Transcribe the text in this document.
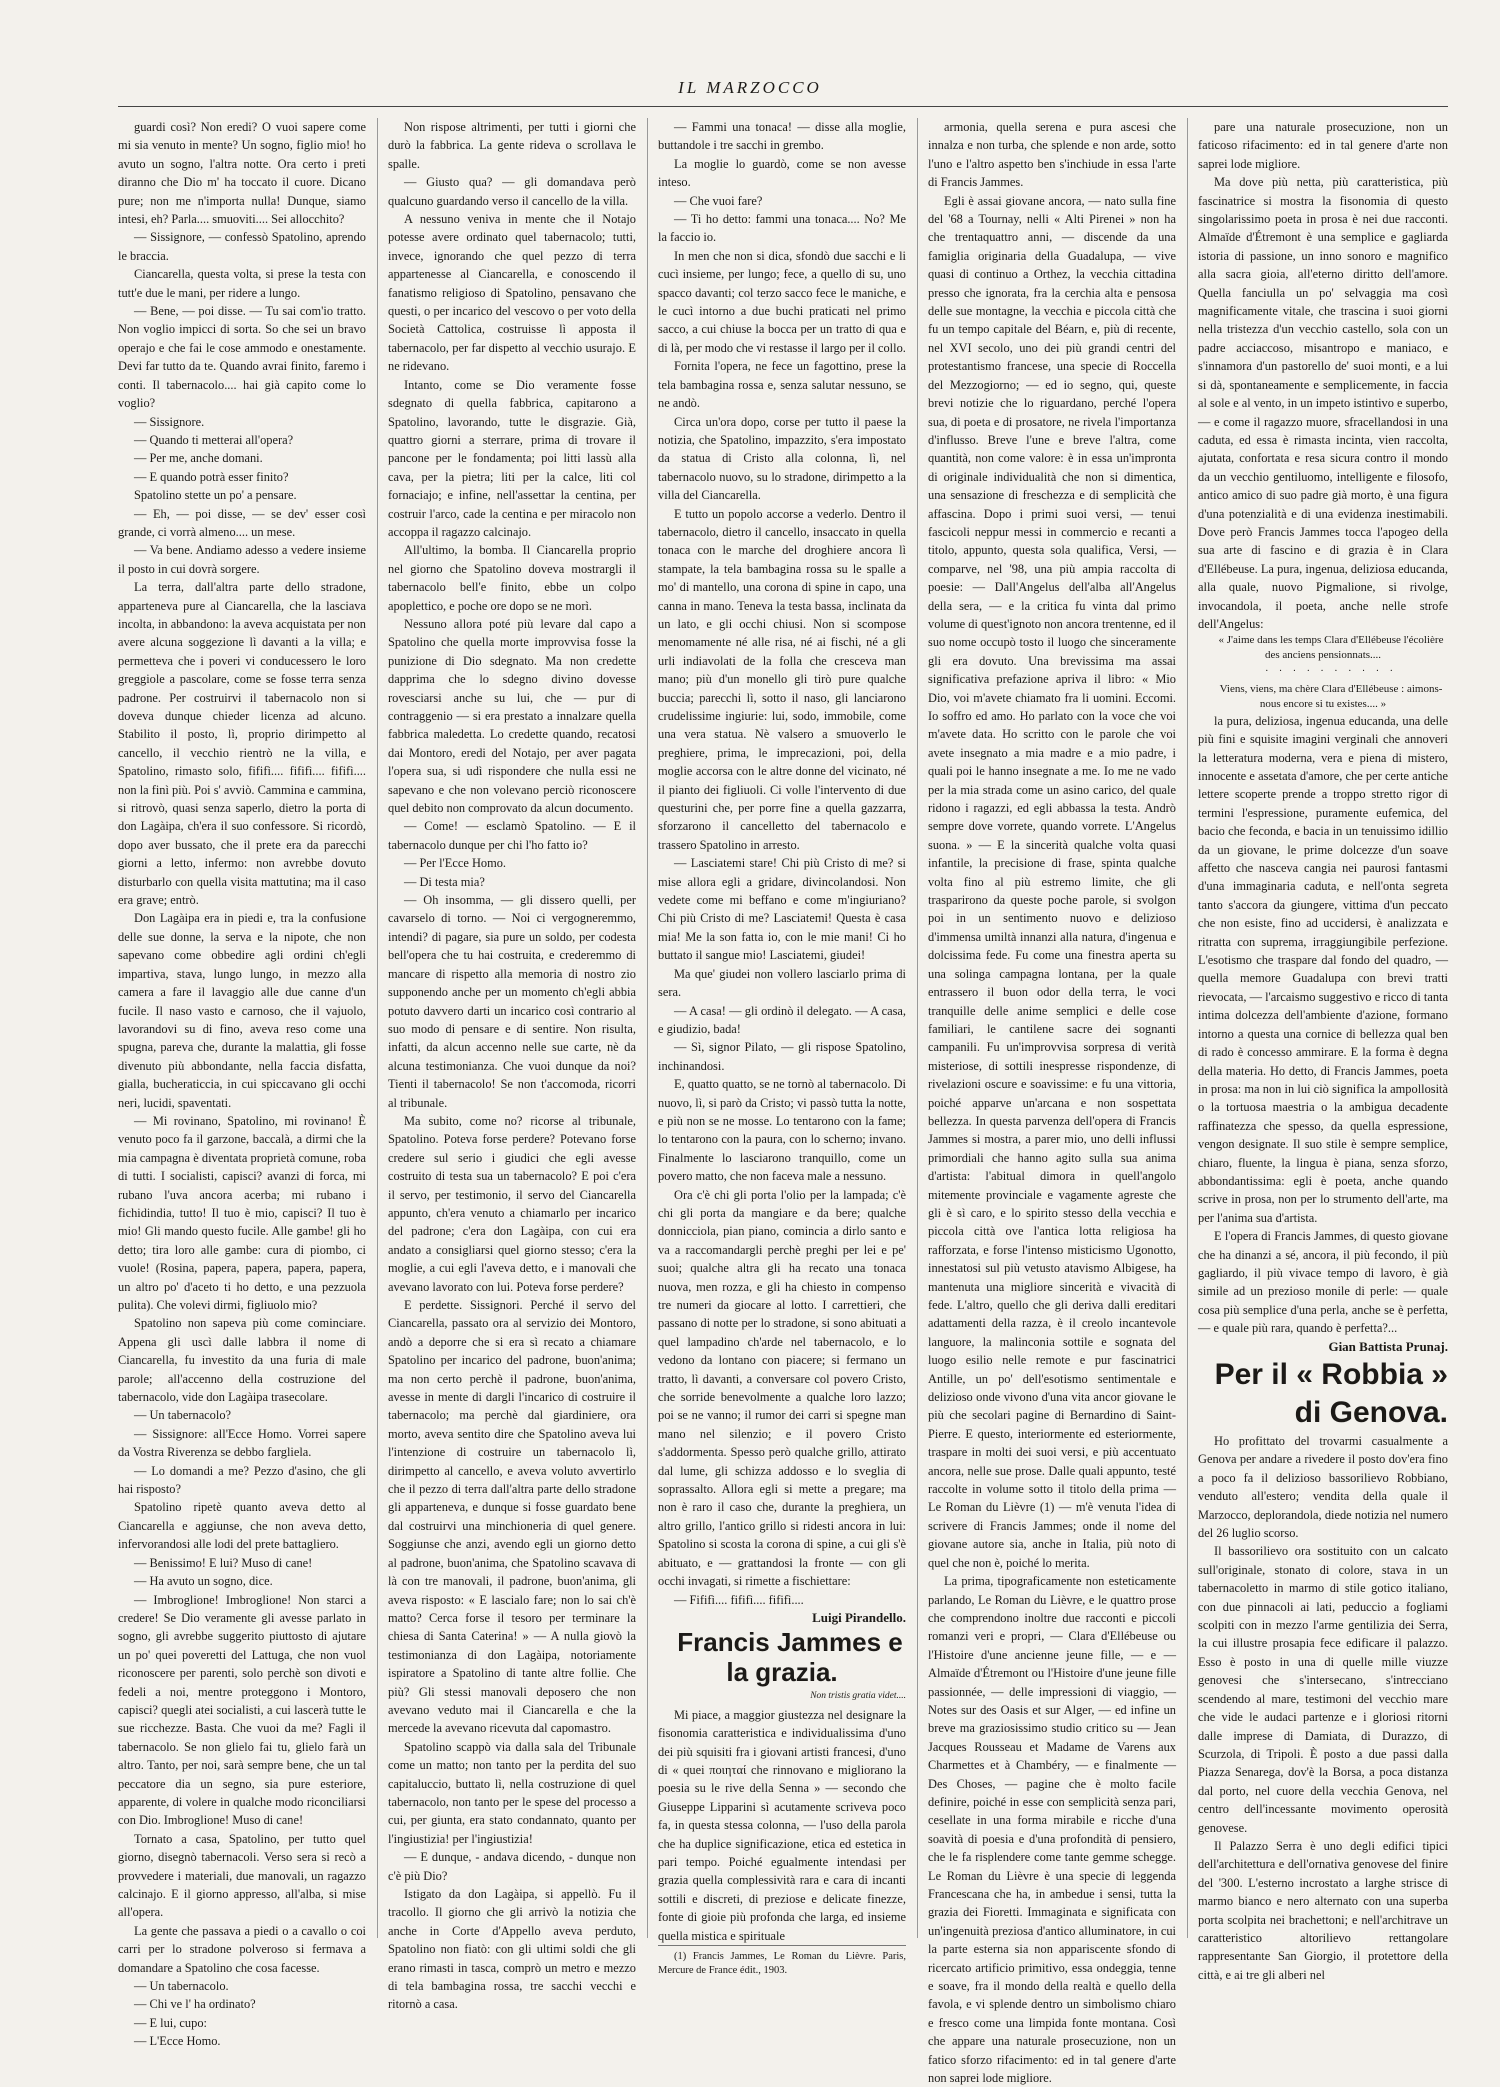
IL MARZOCCO

guardi così? Non eredi? O vuoi sapere come mi sia venuto in mente? Un sogno, figlio mio! ho avuto un sogno, l'altra notte. Ora certo i preti diranno che Dio m' ha toccato il cuore. Dicano pure; non me n'importa nulla! Dunque, siamo intesi, eh? Parla.... smuoviti.... Sei allocchito?

— Sissignore, — confessò Spatolino, aprendo le braccia.

Ciancarella, questa volta, si prese la testa con tutt'e due le mani, per ridere a lungo.

— Bene, — poi disse. — Tu sai com'io tratto. Non voglio impicci di sorta. So che sei un bravo operajo e che fai le cose ammodo e onestamente. Devi far tutto da te. Quando avrai finito, faremo i conti. Il tabernacolo.... hai già capito come lo voglio?

— Sissignore.

— Quando ti metterai all'opera?

— Per me, anche domani.

— E quando potrà esser finito?

Spatolino stette un po' a pensare.

— Eh, — poi disse, — se dev' esser così grande, ci vorrà almeno.... un mese.

— Va bene. Andiamo adesso a vedere insieme il posto in cui dovrà sorgere.

La terra, dall'altra parte dello stradone, apparteneva pure al Ciancarella, che la lasciava incolta, in abbandono: la aveva acquistata per non avere alcuna soggezione lì davanti a la villa; e permetteva che i poveri vi conducessero le loro greggiole a pascolare, come se fosse terra senza padrone. Per costruirvi il tabernacolo non si doveva dunque chieder licenza ad alcuno. Stabilito il posto, lì, proprio dirimpetto al cancello, il vecchio rientrò ne la villa, e Spatolino, rimasto solo, fififì.... fififì.... fififì.... non la finì più. Poi s' avviò. Cammina e cammina, si ritrovò, quasi senza saperlo, dietro la porta di don Lagàipa, ch'era il suo confessore. Si ricordò, dopo aver bussato, che il prete era da parecchi giorni a letto, infermo: non avrebbe dovuto disturbarlo con quella visita mattutina; ma il caso era grave; entrò.

Don Lagàipa era in piedi e, tra la confusione delle sue donne, la serva e la nipote, che non sapevano come obbedire agli ordini ch'egli impartiva, stava, lungo lungo, in mezzo alla camera a fare il lavaggio alle due canne d'un fucile. Il naso vasto e carnoso, che il vajuolo, lavorandovi su di fino, aveva reso come una spugna, pareva che, durante la malattia, gli fosse divenuto più abbondante, nella faccia disfatta, gialla, bucheraticcia, in cui spiccavano gli occhi neri, lucidi, spaventati.

— Mi rovinano, Spatolino, mi rovinano! È venuto poco fa il garzone, baccalà, a dirmi che la mia campagna è diventata proprietà comune, roba di tutti. I socialisti, capisci? avanzi di forca, mi rubano l'uva ancora acerba; mi rubano i fichidindia, tutto! Il tuo è mio, capisci? Il tuo è mio! Gli mando questo fucile. Alle gambe! gli ho detto; tira loro alle gambe: cura di piombo, ci vuole! (Rosina, papera, papera, papera, papera, un altro po' d'aceto ti ho detto, e una pezzuola pulita). Che volevi dirmi, figliuolo mio?

Spatolino non sapeva più come cominciare. Appena gli uscì dalle labbra il nome di Ciancarella, fu investito da una furia di male parole; all'accenno della costruzione del tabernacolo, vide don Lagàipa trasecolare.

— Un tabernacolo?

— Sissignore: all'Ecce Homo. Vorrei sapere da Vostra Riverenza se debbo fargliela.

— Lo domandi a me? Pezzo d'asino, che gli hai risposto?

Spatolino ripetè quanto aveva detto al Ciancarella e aggiunse, che non aveva detto, infervorandosi alle lodi del prete battagliero.

— Benissimo! E lui? Muso di cane!

— Ha avuto un sogno, dice.

— Imbroglione! Imbroglione! Non starci a credere! Se Dio veramente gli avesse parlato in sogno, gli avrebbe suggerito piuttosto di ajutare un po' quei poveretti del Lattuga, che non vuol riconoscere per parenti, solo perchè son divoti e fedeli a noi, mentre proteggono i Montoro, capisci? quegli atei socialisti, a cui lascerà tutte le sue ricchezze. Basta. Che vuoi da me? Fagli il tabernacolo. Se non glielo fai tu, glielo farà un altro. Tanto, per noi, sarà sempre bene, che un tal peccatore dia un segno, sia pure esteriore, apparente, di volere in qualche modo riconciliarsi con Dio. Imbroglione! Muso di cane!

Tornato a casa, Spatolino, per tutto quel giorno, disegnò tabernacoli. Verso sera si recò a provvedere i materiali, due manovali, un ragazzo calcinajo. E il giorno appresso, all'alba, si mise all'opera.

La gente che passava a piedi o a cavallo o coi carri per lo stradone polveroso si fermava a domandare a Spatolino che cosa facesse.

— Un tabernacolo.

— Chi ve l' ha ordinato?

— E lui, cupo:

— L'Ecce Homo.

Non rispose altrimenti, per tutti i giorni che durò la fabbrica. La gente rideva o scrollava le spalle.

— Giusto qua? — gli domandava però qualcuno guardando verso il cancello de la villa.

A nessuno veniva in mente che il Notajo potesse avere ordinato quel tabernacolo; tutti, invece, ignorando che quel pezzo di terra appartenesse al Ciancarella, e conoscendo il fanatismo religioso di Spatolino, pensavano che questi, o per incarico del vescovo o per voto della Società Cattolica, costruisse lì apposta il tabernacolo, per far dispetto al vecchio usurajo. E ne ridevano.

Intanto, come se Dio veramente fosse sdegnato di quella fabbrica, capitarono a Spatolino, lavorando, tutte le disgrazie. Già, quattro giorni a sterrare, prima di trovare il pancone per le fondamenta; poi litti lassù alla cava, per la pietra; liti per la calce, liti col fornaciajo; e infine, nell'assettar la centina, per costruir l'arco, cade la centina e per miracolo non accoppa il ragazzo calcinajo.

All'ultimo, la bomba. Il Ciancarella proprio nel giorno che Spatolino doveva mostrargli il tabernacolo bell'e finito, ebbe un colpo apoplettico, e poche ore dopo se ne morì.

Nessuno allora poté più levare dal capo a Spatolino che quella morte improvvisa fosse la punizione di Dio sdegnato. Ma non credette dapprima che lo sdegno divino dovesse rovesciarsi anche su lui, che — pur di contraggenio — si era prestato a innalzare quella fabbrica maledetta. Lo credette quando, recatosi dai Montoro, eredi del Notajo, per aver pagata l'opera sua, si udì rispondere che nulla essi ne sapevano e che non volevano perciò riconoscere quel debito non comprovato da alcun documento.

— Come! — esclamò Spatolino. — E il tabernacolo dunque per chi l'ho fatto io?

— Per l'Ecce Homo.

— Di testa mia?

— Oh insomma, — gli dissero quelli, per cavarselo di torno. — Noi ci vergogneremmo, intendi? di pagare, sia pure un soldo, per codesta bell'opera che tu hai costruita, e crederemmo di mancare di rispetto alla memoria di nostro zio supponendo anche per un momento ch'egli abbia potuto davvero darti un incarico così contrario al suo modo di pensare e di sentire. Non risulta, infatti, da alcun accenno nelle sue carte, nè da alcuna testimonianza. Che vuoi dunque da noi? Tienti il tabernacolo! Se non t'accomoda, ricorri al tribunale.

Ma subito, come no? ricorse al tribunale, Spatolino. Poteva forse perdere? Potevano forse credere sul serio i giudici che egli avesse costruito di testa sua un tabernacolo? E poi c'era il servo, per testimonio, il servo del Ciancarella appunto, ch'era venuto a chiamarlo per incarico del padrone; c'era don Lagàipa, con cui era andato a consigliarsi quel giorno stesso; c'era la moglie, a cui egli l'aveva detto, e i manovali che avevano lavorato con lui. Poteva forse perdere?

E perdette. Sissignori. Perché il servo del Ciancarella, passato ora al servizio dei Montoro, andò a deporre che si era sì recato a chiamare Spatolino per incarico del padrone, buon'anima; ma non certo perchè il padrone, buon'anima, avesse in mente di dargli l'incarico di costruire il tabernacolo; ma perchè dal giardiniere, ora morto, aveva sentito dire che Spatolino aveva lui l'intenzione di costruire un tabernacolo lì, dirimpetto al cancello, e aveva voluto avvertirlo che il pezzo di terra dall'altra parte dello stradone gli apparteneva, e dunque si fosse guardato bene dal costruirvi una minchioneria di quel genere. Soggiunse che anzi, avendo egli un giorno detto al padrone, buon'anima, che Spatolino scavava di là con tre manovali, il padrone, buon'anima, gli aveva risposto: « E lascialo fare; non lo sai ch'è matto? Cerca forse il tesoro per terminare la chiesa di Santa Caterina! » — A nulla giovò la testimonianza di don Lagàipa, notoriamente ispiratore a Spatolino di tante altre follie. Che più? Gli stessi manovali deposero che non avevano veduto mai il Ciancarella e che la mercede la avevano ricevuta dal capomastro.

Spatolino scappò via dalla sala del Tribunale come un matto; non tanto per la perdita del suo capitaluccio, buttato lì, nella costruzione di quel tabernacolo, non tanto per le spese del processo a cui, per giunta, era stato condannato, quanto per l'ingiustizia! per l'ingiustizia!

— E dunque, - andava dicendo, - dunque non c'è più Dio?

Istigato da don Lagàipa, si appellò. Fu il tracollo. Il giorno che gli arrivò la notizia che anche in Corte d'Appello aveva perduto, Spatolino non fiatò: con gli ultimi soldi che gli erano rimasti in tasca, comprò un metro e mezzo di tela bambagina rossa, tre sacchi vecchi e ritornò a casa.

— Fammi una tonaca! — disse alla moglie, buttandole i tre sacchi in grembo.

La moglie lo guardò, come se non avesse inteso.

— Che vuoi fare?

— Ti ho detto: fammi una tonaca.... No? Me la faccio io.

In men che non si dica, sfondò due sacchi e li cucì insieme, per lungo; fece, a quello di su, uno spacco davanti; col terzo sacco fece le maniche, e le cucì intorno a due buchi praticati nel primo sacco, a cui chiuse la bocca per un tratto di qua e di là, per modo che vi restasse il largo per il collo.

Fornita l'opera, ne fece un fagottino, prese la tela bambagina rossa e, senza salutar nessuno, se ne andò.

Circa un'ora dopo, corse per tutto il paese la notizia, che Spatolino, impazzito, s'era impostato da statua di Cristo alla colonna, lì, nel tabernacolo nuovo, su lo stradone, dirimpetto a la villa del Ciancarella.

E tutto un popolo accorse a vederlo. Dentro il tabernacolo, dietro il cancello, insaccato in quella tonaca con le marche del droghiere ancora lì stampate, la tela bambagina rossa su le spalle a mo' di mantello, una corona di spine in capo, una canna in mano. Teneva la testa bassa, inclinata da un lato, e gli occhi chiusi. Non si scompose menomamente né alle risa, né ai fischi, né a gli urli indiavolati de la folla che cresceva man mano; più d'un monello gli tirò pure qualche buccia; parecchi lì, sotto il naso, gli lanciarono crudelissime ingiurie: lui, sodo, immobile, come una vera statua. Nè valsero a smuoverlo le preghiere, prima, le imprecazioni, poi, della moglie accorsa con le altre donne del vicinato, né il pianto dei figliuoli. Ci volle l'intervento di due questurini che, per porre fine a quella gazzarra, sforzarono il cancelletto del tabernacolo e trassero Spatolino in arresto.

— Lasciatemi stare! Chi più Cristo di me? si mise allora egli a gridare, divincolandosi. Non vedete come mi beffano e come m'ingiuriano? Chi più Cristo di me? Lasciatemi! Questa è casa mia! Me la son fatta io, con le mie mani! Ci ho buttato il sangue mio! Lasciatemi, giudei!

Ma que' giudei non vollero lasciarlo prima di sera.

— A casa! — gli ordinò il delegato. — A casa, e giudizio, bada!

— Sì, signor Pilato, — gli rispose Spatolino, inchinandosi.

E, quatto quatto, se ne tornò al tabernacolo. Di nuovo, lì, si parò da Cristo; vi passò tutta la notte, e più non se ne mosse. Lo tentarono con la fame; lo tentarono con la paura, con lo scherno; invano. Finalmente lo lasciarono tranquillo, come un povero matto, che non faceva male a nessuno.

Ora c'è chi gli porta l'olio per la lampada; c'è chi gli porta da mangiare e da bere; qualche donnicciola, pian piano, comincia a dirlo santo e va a raccomandargli perchè preghi per lei e pe' suoi; qualche altra gli ha recato una tonaca nuova, men rozza, e gli ha chiesto in compenso tre numeri da giocare al lotto. I carrettieri, che passano di notte per lo stradone, si sono abituati a quel lampadino ch'arde nel tabernacolo, e lo vedono da lontano con piacere; si fermano un tratto, lì davanti, a conversare col povero Cristo, che sorride benevolmente a qualche loro lazzo; poi se ne vanno; il rumor dei carri si spegne man mano nel silenzio; e il povero Cristo s'addormenta. Spesso però qualche grillo, attirato dal lume, gli schizza addosso e lo sveglia di soprassalto. Allora egli si mette a pregare; ma non è raro il caso che, durante la preghiera, un altro grillo, l'antico grillo si ridesti ancora in lui: Spatolino si scosta la corona di spine, a cui gli s'è abituato, e — grattandosi la fronte — con gli occhi invagati, si rimette a fischiettare:

— Fififì.... fififì.... fififì....

Luigi Pirandello.

Francis Jammes e la grazia.

Non tristis gratia videt....

Mi piace, a maggior giustezza nel designare la fisonomia caratteristica e individualissima d'uno dei più squisiti fra i giovani artisti francesi, d'uno di « quei ποιηταί che rinnovano e migliorano la poesia su le rive della Senna » — secondo che Giuseppe Lipparini sì acutamente scriveva poco fa, in questa stessa colonna, — l'uso della parola che ha duplice significazione, etica ed estetica in pari tempo. Poiché egualmente intendasi per grazia quella complessività rara e cara di incanti sottili e discreti, di preziose e delicate finezze, fonte di gioie più profonda che larga, ed insieme quella mistica e spirituale

(1) Francis Jammes, Le Roman du Lièvre. Paris, Mercure de France édit., 1903.

armonia, quella serena e pura ascesi che innalza e non turba, che splende e non arde, sotto l'uno e l'altro aspetto ben s'inchiude in essa l'arte di Francis Jammes.

Egli è assai giovane ancora, — nato sulla fine del '68 a Tournay, nelli « Alti Pirenei » non ha che trentaquattro anni, — discende da una famiglia originaria della Guadalupa, — vive quasi di continuo a Orthez, la vecchia cittadina presso che ignorata, fra la cerchia alta e pensosa delle sue montagne, la vecchia e piccola città che fu un tempo capitale del Béarn, e, più di recente, nel XVI secolo, uno dei più grandi centri del protestantismo francese, una specie di Roccella del Mezzogiorno; — ed io segno, qui, queste brevi notizie che lo riguardano, perché l'opera sua, di poeta e di prosatore, ne rivela l'importanza d'influsso. Breve l'une e breve l'altra, come quantità, non come valore: è in essa un'impronta di originale individualità che non si dimentica, una sensazione di freschezza e di semplicità che affascina. Dopo i primi suoi versi, — tenui fascicoli neppur messi in commercio e recanti a titolo, appunto, questa sola qualifica, Versi, — comparve, nel '98, una più ampia raccolta di poesie: — Dall'Angelus dell'alba all'Angelus della sera, — e la critica fu vinta dal primo volume di quest'ignoto non ancora trentenne, ed il suo nome occupò tosto il luogo che sinceramente gli era dovuto. Una brevissima ma assai significativa prefazione apriva il libro: « Mio Dio, voi m'avete chiamato fra li uomini. Eccomi. Io soffro ed amo. Ho parlato con la voce che voi m'avete data. Ho scritto con le parole che voi avete insegnato a mia madre e a mio padre, i quali poi le hanno insegnate a me. Io me ne vado per la mia strada come un asino carico, del quale ridono i ragazzi, ed egli abbassa la testa. Andrò sempre dove vorrete, quando vorrete. L'Angelus suona. » — E la sincerità qualche volta quasi infantile, la precisione di frase, spinta qualche volta fino al più estremo limite, che gli trasparirono da queste poche parole, si svolgon poi in un sentimento nuovo e delizioso d'immensa umiltà innanzi alla natura, d'ingenua e dolcissima fede. Fu come una finestra aperta su una solinga campagna lontana, per la quale entrassero il buon odor della terra, le voci tranquille delle anime semplici e delle cose familiari, le cantilene sacre dei sognanti campanili. Fu un'improvvisa sorpresa di verità misteriose, di sottili inespresse rispondenze, di rivelazioni oscure e soavissime: e fu una vittoria, poiché apparve un'arcana e non sospettata bellezza. In questa parvenza dell'opera di Francis Jammes si mostra, a parer mio, uno delli influssi primordiali che hanno agito sulla sua anima d'artista: l'abitual dimora in quell'angolo mitemente provinciale e vagamente agreste che gli è sì caro, e lo spirito stesso della vecchia e piccola città ove l'antica lotta religiosa ha rafforzata, e forse l'intenso misticismo Ugonotto, innestatosi sul più vetusto atavismo Albigese, ha mantenuta una migliore sincerità e vivacità di fede. L'altro, quello che gli deriva dalli ereditari adattamenti della razza, è il creolo incantevole languore, la malinconia sottile e sognata del luogo esilio nelle remote e pur fascinatrici Antille, un po' dell'esotismo sentimentale e delizioso onde vivono d'una vita ancor giovane le più che secolari pagine di Bernardino di Saint-Pierre. E questo, interiormente ed esteriormente, traspare in molti dei suoi versi, e più accentuato ancora, nelle sue prose. Dalle quali appunto, testé raccolte in volume sotto il titolo della prima — Le Roman du Lièvre (1) — m'è venuta l'idea di scrivere di Francis Jammes; onde il nome del giovane autore sia, anche in Italia, più noto di quel che non è, poiché lo merita.

La prima, tipograficamente non esteticamente parlando, Le Roman du Lièvre, e le quattro prose che comprendono inoltre due racconti e piccoli romanzi veri e propri, — Clara d'Ellébeuse ou l'Histoire d'une ancienne jeune fille, — e — Almaïde d'Étremont ou l'Histoire d'une jeune fille passionnée, — delle impressioni di viaggio, — Notes sur des Oasis et sur Alger, — ed infine un breve ma graziosissimo studio critico su — Jean Jacques Rousseau et Madame de Varens aux Charmettes et à Chambéry, — e finalmente — Des Choses, — pagine che è molto facile definire, poiché in esse con semplicità senza pari, cesellate in una forma mirabile e ricche d'una soavità di poesia e d'una profondità di pensiero, che le fa risplendere come tante gemme schegge. Le Roman du Lièvre è una specie di leggenda Francescana che ha, in ambedue i sensi, tutta la grazia dei Fioretti. Immaginata e significata con un'ingenuità preziosa d'antico alluminatore, in cui la parte esterna sia non appariscente sfondo di ricercato artificio primitivo, essa ondeggia, tenne e soave, fra il mondo della realtà e quello della favola, e vi splende dentro un simbolismo chiaro e fresco come una limpida fonte montana. Così che appare una naturale prosecuzione, non un fatico sforzo rifacimento: ed in tal genere d'arte non saprei lode migliore.

pare una naturale prosecuzione, non un faticoso rifacimento: ed in tal genere d'arte non saprei lode migliore.

Ma dove più netta, più caratteristica, più fascinatrice si mostra la fisonomia di questo singolarissimo poeta in prosa è nei due racconti. Almaïde d'Étremont è una semplice e gagliarda istoria di passione, un inno sonoro e magnifico alla sacra gioia, all'eterno diritto dell'amore. Quella fanciulla un po' selvaggia ma così magnificamente vitale, che trascina i suoi giorni nella tristezza d'un vecchio castello, sola con un padre acciaccoso, misantropo e maniaco, e s'innamora d'un pastorello de' suoi monti, e a lui si dà, spontaneamente e semplicemente, in faccia al sole e al vento, in un impeto istintivo e superbo, — e come il ragazzo muore, sfracellandosi in una caduta, ed essa è rimasta incinta, vien raccolta, ajutata, confortata e resa sicura contro il mondo da un vecchio gentiluomo, intelligente e filosofo, antico amico di suo padre già morto, è una figura d'una potenzialità e di una evidenza inestimabili. Dove però Francis Jammes tocca l'apogeo della sua arte di fascino e di grazia è in Clara d'Ellébeuse. La pura, ingenua, deliziosa educanda, alla quale, nuovo Pigmalione, si rivolge, invocandola, il poeta, anche nelle strofe dell'Angelus:

« J'aime dans les temps Clara d'Ellébeuse l'écolière des anciens pensionnats....

· · · · · · · · · ·

Viens, viens, ma chère Clara d'Ellébeuse : aimons-nous encore si tu existes.... »

la pura, deliziosa, ingenua educanda, una delle più fini e squisite imagini verginali che annoveri la letteratura moderna, vera e piena di mistero, innocente e assetata d'amore, che per certe antiche lettere scoperte prende a troppo stretto rigor di termini l'espressione, puramente eufemica, del bacio che feconda, e bacia in un tenuissimo idillio da un giovane, le prime dolcezze d'un soave affetto che nasceva cangia nei paurosi fantasmi d'una immaginaria caduta, e nell'onta segreta tanto s'accora da giungere, vittima d'un peccato che non esiste, fino ad uccidersi, è analizzata e ritratta con suprema, irraggiungibile perfezione. L'esotismo che traspare dal fondo del quadro, — quella memore Guadalupa con brevi tratti rievocata, — l'arcaismo suggestivo e ricco di tanta intima dolcezza dell'ambiente d'azione, formano intorno a questa una cornice di bellezza qual ben di rado è concesso ammirare. E la forma è degna della materia. Ho detto, di Francis Jammes, poeta in prosa: ma non in lui ciò significa la ampollosità o la tortuosa maestria o la ambigua decadente raffinatezza che spesso, da quella espressione, vengon designate. Il suo stile è sempre semplice, chiaro, fluente, la lingua è piana, senza sforzo, abbondantissima: egli è poeta, anche quando scrive in prosa, non per lo strumento dell'arte, ma per l'anima sua d'artista.

E l'opera di Francis Jammes, di questo giovane che ha dinanzi a sé, ancora, il più fecondo, il più gagliardo, il più vivace tempo di lavoro, è già simile ad un prezioso monile di perle: — quale cosa più semplice d'una perla, anche se è perfetta, — e quale più rara, quando è perfetta?...

Gian Battista Prunaj.

Per il « Robbia » di Genova.

Ho profittato del trovarmi casualmente a Genova per andare a rivedere il posto dov'era fino a poco fa il delizioso bassorilievo Robbiano, venduto all'estero; vendita della quale il Marzocco, deplorandola, diede notizia nel numero del 26 luglio scorso.

Il bassorilievo ora sostituito con un calcato sull'originale, stonato di colore, stava in un tabernacoletto in marmo di stile gotico italiano, con due pinnacoli ai lati, peduccio a fogliami scolpiti con in mezzo l'arme gentilizia dei Serra, la cui illustre prosapia fece edificare il palazzo. Esso è posto in una di quelle mille viuzze genovesi che s'intersecano, s'intrecciano scendendo al mare, testimoni del vecchio mare che vide le audaci partenze e i gloriosi ritorni dalle imprese di Damiata, di Durazzo, di Scurzola, di Tripoli. È posto a due passi dalla Piazza Senarega, dov'è la Borsa, a poca distanza dal porto, nel cuore della vecchia Genova, nel centro dell'incessante movimento operosità genovese.

Il Palazzo Serra è uno degli edifici tipici dell'architettura e dell'ornativa genovese del finire del '300. L'esterno incrostato a larghe strisce di marmo bianco e nero alternato con una superba porta scolpita nei brachettoni; e nell'architrave un caratteristico altorilievo rettangolare rappresentante San Giorgio, il protettore della città, e ai tre gli alberi nel
